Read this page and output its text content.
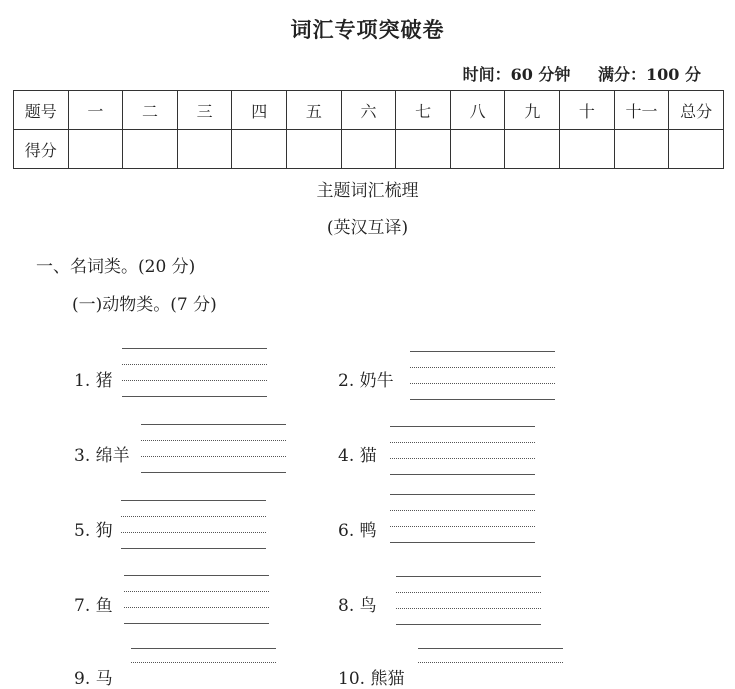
词汇专项突破卷
时间：60 分钟 满分：100 分
题号	一	二	三	四	五	六	七	八	九	十	十一	总分
得分												
主题词汇梳理
(英汉互译)
一、名词类。(20 分)
(一)动物类。(7 分)
1. 猪	2. 奶牛
3. 绵羊	4. 猫
5. 狗	6. 鸭
7. 鱼	8. 鸟
9. 马	10. 熊猫
